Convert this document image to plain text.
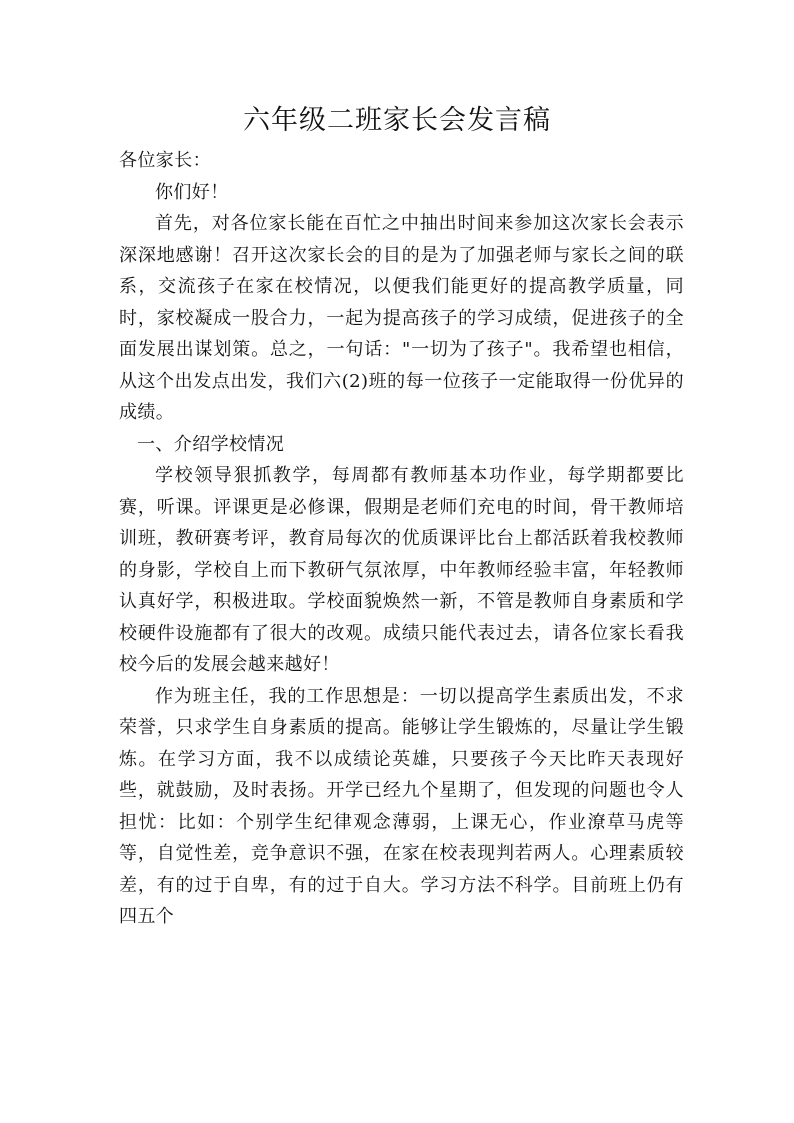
六年级二班家长会发言稿

各位家长：

你们好！

首先，对各位家长能在百忙之中抽出时间来参加这次家长会表示深深地感谢！召开这次家长会的目的是为了加强老师与家长之间的联系，交流孩子在家在校情况，以便我们能更好的提高教学质量，同时，家校凝成一股合力，一起为提高孩子的学习成绩，促进孩子的全面发展出谋划策。总之，一句话："一切为了孩子"。我希望也相信，从这个出发点出发，我们六(2)班的每一位孩子一定能取得一份优异的成绩。

一、介绍学校情况

学校领导狠抓教学，每周都有教师基本功作业，每学期都要比赛，听课。评课更是必修课，假期是老师们充电的时间，骨干教师培训班，教研赛考评，教育局每次的优质课评比台上都活跃着我校教师的身影，学校自上而下教研气氛浓厚，中年教师经验丰富，年轻教师认真好学，积极进取。学校面貌焕然一新，不管是教师自身素质和学校硬件设施都有了很大的改观。成绩只能代表过去，请各位家长看我校今后的发展会越来越好！

作为班主任，我的工作思想是：一切以提高学生素质出发，不求荣誉，只求学生自身素质的提高。能够让学生锻炼的，尽量让学生锻炼。在学习方面，我不以成绩论英雄，只要孩子今天比昨天表现好些，就鼓励，及时表扬。开学已经九个星期了，但发现的问题也令人担忧：比如：个别学生纪律观念薄弱，上课无心，作业潦草马虎等等，自觉性差，竞争意识不强，在家在校表现判若两人。心理素质较差，有的过于自卑，有的过于自大。学习方法不科学。目前班上仍有四五个
